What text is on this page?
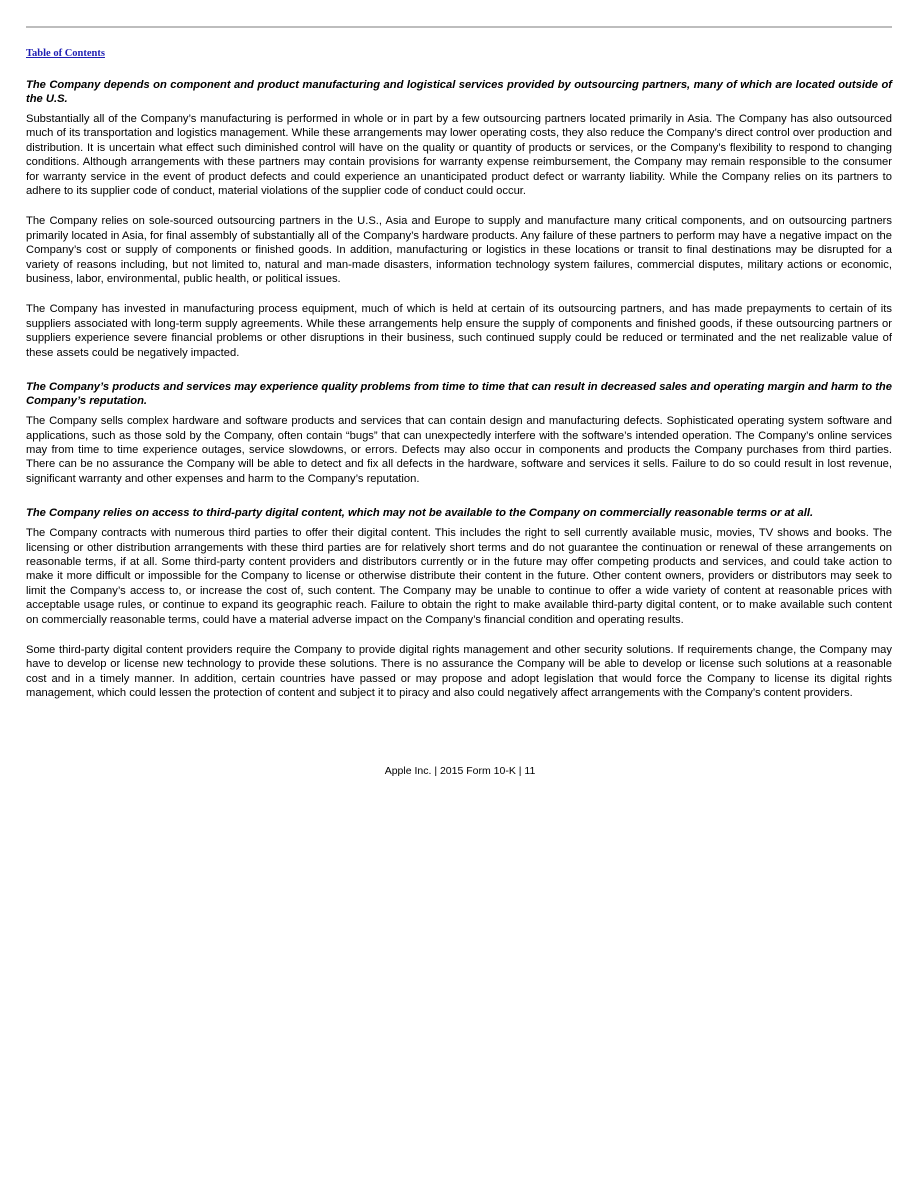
Table of Contents

The Company depends on component and product manufacturing and logistical services provided by outsourcing partners, many of which are located outside of the U.S.

Substantially all of the Company’s manufacturing is performed in whole or in part by a few outsourcing partners located primarily in Asia. The Company has also outsourced much of its transportation and logistics management. While these arrangements may lower operating costs, they also reduce the Company’s direct control over production and distribution. It is uncertain what effect such diminished control will have on the quality or quantity of products or services, or the Company’s flexibility to respond to changing conditions. Although arrangements with these partners may contain provisions for warranty expense reimbursement, the Company may remain responsible to the consumer for warranty service in the event of product defects and could experience an unanticipated product defect or warranty liability. While the Company relies on its partners to adhere to its supplier code of conduct, material violations of the supplier code of conduct could occur.

The Company relies on sole-sourced outsourcing partners in the U.S., Asia and Europe to supply and manufacture many critical components, and on outsourcing partners primarily located in Asia, for final assembly of substantially all of the Company’s hardware products. Any failure of these partners to perform may have a negative impact on the Company’s cost or supply of components or finished goods. In addition, manufacturing or logistics in these locations or transit to final destinations may be disrupted for a variety of reasons including, but not limited to, natural and man-made disasters, information technology system failures, commercial disputes, military actions or economic, business, labor, environmental, public health, or political issues.

The Company has invested in manufacturing process equipment, much of which is held at certain of its outsourcing partners, and has made prepayments to certain of its suppliers associated with long-term supply agreements. While these arrangements help ensure the supply of components and finished goods, if these outsourcing partners or suppliers experience severe financial problems or other disruptions in their business, such continued supply could be reduced or terminated and the net realizable value of these assets could be negatively impacted.

The Company’s products and services may experience quality problems from time to time that can result in decreased sales and operating margin and harm to the Company’s reputation.

The Company sells complex hardware and software products and services that can contain design and manufacturing defects. Sophisticated operating system software and applications, such as those sold by the Company, often contain “bugs” that can unexpectedly interfere with the software’s intended operation. The Company’s online services may from time to time experience outages, service slowdowns, or errors. Defects may also occur in components and products the Company purchases from third parties. There can be no assurance the Company will be able to detect and fix all defects in the hardware, software and services it sells. Failure to do so could result in lost revenue, significant warranty and other expenses and harm to the Company’s reputation.

The Company relies on access to third-party digital content, which may not be available to the Company on commercially reasonable terms or at all.

The Company contracts with numerous third parties to offer their digital content. This includes the right to sell currently available music, movies, TV shows and books. The licensing or other distribution arrangements with these third parties are for relatively short terms and do not guarantee the continuation or renewal of these arrangements on reasonable terms, if at all. Some third-party content providers and distributors currently or in the future may offer competing products and services, and could take action to make it more difficult or impossible for the Company to license or otherwise distribute their content in the future. Other content owners, providers or distributors may seek to limit the Company’s access to, or increase the cost of, such content. The Company may be unable to continue to offer a wide variety of content at reasonable prices with acceptable usage rules, or continue to expand its geographic reach. Failure to obtain the right to make available third-party digital content, or to make available such content on commercially reasonable terms, could have a material adverse impact on the Company’s financial condition and operating results.

Some third-party digital content providers require the Company to provide digital rights management and other security solutions. If requirements change, the Company may have to develop or license new technology to provide these solutions. There is no assurance the Company will be able to develop or license such solutions at a reasonable cost and in a timely manner. In addition, certain countries have passed or may propose and adopt legislation that would force the Company to license its digital rights management, which could lessen the protection of content and subject it to piracy and also could negatively affect arrangements with the Company’s content providers.

Apple Inc. | 2015 Form 10-K | 11
